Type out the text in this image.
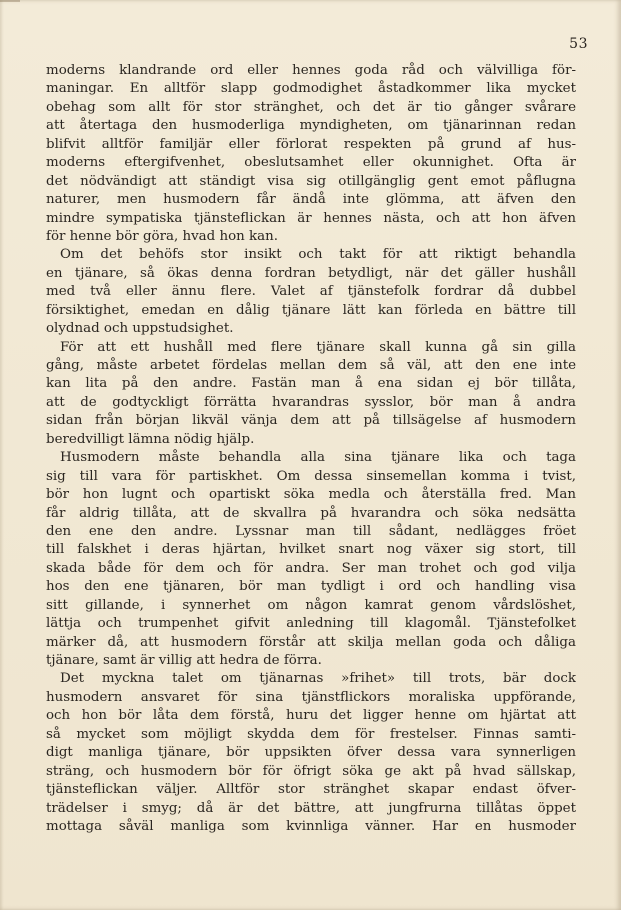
53
moderns klandrande ord eller hennes goda råd och välvilliga för-
maningar. En alltför slapp godmodighet åstadkommer lika mycket
obehag som allt för stor stränghet, och det är tio gånger svårare
att återtaga den husmoderliga myndigheten, om tjänarinnan redan
blifvit alltför familjär eller förlorat respekten på grund af hus-
moderns eftergifvenhet, obeslutsamhet eller okunnighet. Ofta är
det nödvändigt att ständigt visa sig otillgänglig gent emot påflugna
naturer, men husmodern får ändå inte glömma, att äfven den
mindre sympatiska tjänsteflickan är hennes nästa, och att hon äfven
för henne bör göra, hvad hon kan.
Om det behöfs stor insikt och takt för att riktigt behandla
en tjänare, så ökas denna fordran betydligt, när det gäller hushåll
med två eller ännu flere. Valet af tjänstefolk fordrar då dubbel
försiktighet, emedan en dålig tjänare lätt kan förleda en bättre till
olydnad och uppstudsighet.
För att ett hushåll med flere tjänare skall kunna gå sin gilla
gång, måste arbetet fördelas mellan dem så väl, att den ene inte
kan lita på den andre. Fastän man å ena sidan ej bör tillåta,
att de godtyckligt förrätta hvarandras sysslor, bör man å andra
sidan från början likväl vänja dem att på tillsägelse af husmodern
beredvilligt lämna nödig hjälp.
Husmodern måste behandla alla sina tjänare lika och taga
sig till vara för partiskhet. Om dessa sinsemellan komma i tvist,
bör hon lugnt och opartiskt söka medla och återställa fred. Man
får aldrig tillåta, att de skvallra på hvarandra och söka nedsätta
den ene den andre. Lyssnar man till sådant, nedlägges fröet
till falskhet i deras hjärtan, hvilket snart nog växer sig stort, till
skada både för dem och för andra. Ser man trohet och god vilja
hos den ene tjänaren, bör man tydligt i ord och handling visa
sitt gillande, i synnerhet om någon kamrat genom vårdslöshet,
lättja och trumpenhet gifvit anledning till klagomål. Tjänstefolket
märker då, att husmodern förstår att skilja mellan goda och dåliga
tjänare, samt är villig att hedra de förra.
Det myckna talet om tjänarnas »frihet» till trots, bär dock
husmodern ansvaret för sina tjänstflickors moraliska uppförande,
och hon bör låta dem förstå, huru det ligger henne om hjärtat att
så mycket som möjligt skydda dem för frestelser. Finnas samti-
digt manliga tjänare, bör uppsikten öfver dessa vara synnerligen
sträng, och husmodern bör för öfrigt söka ge akt på hvad sällskap,
tjänsteflickan väljer. Alltför stor stränghet skapar endast öfver-
trädelser i smyg; då är det bättre, att jungfrurna tillåtas öppet
mottaga såväl manliga som kvinnliga vänner. Har en husmoder
